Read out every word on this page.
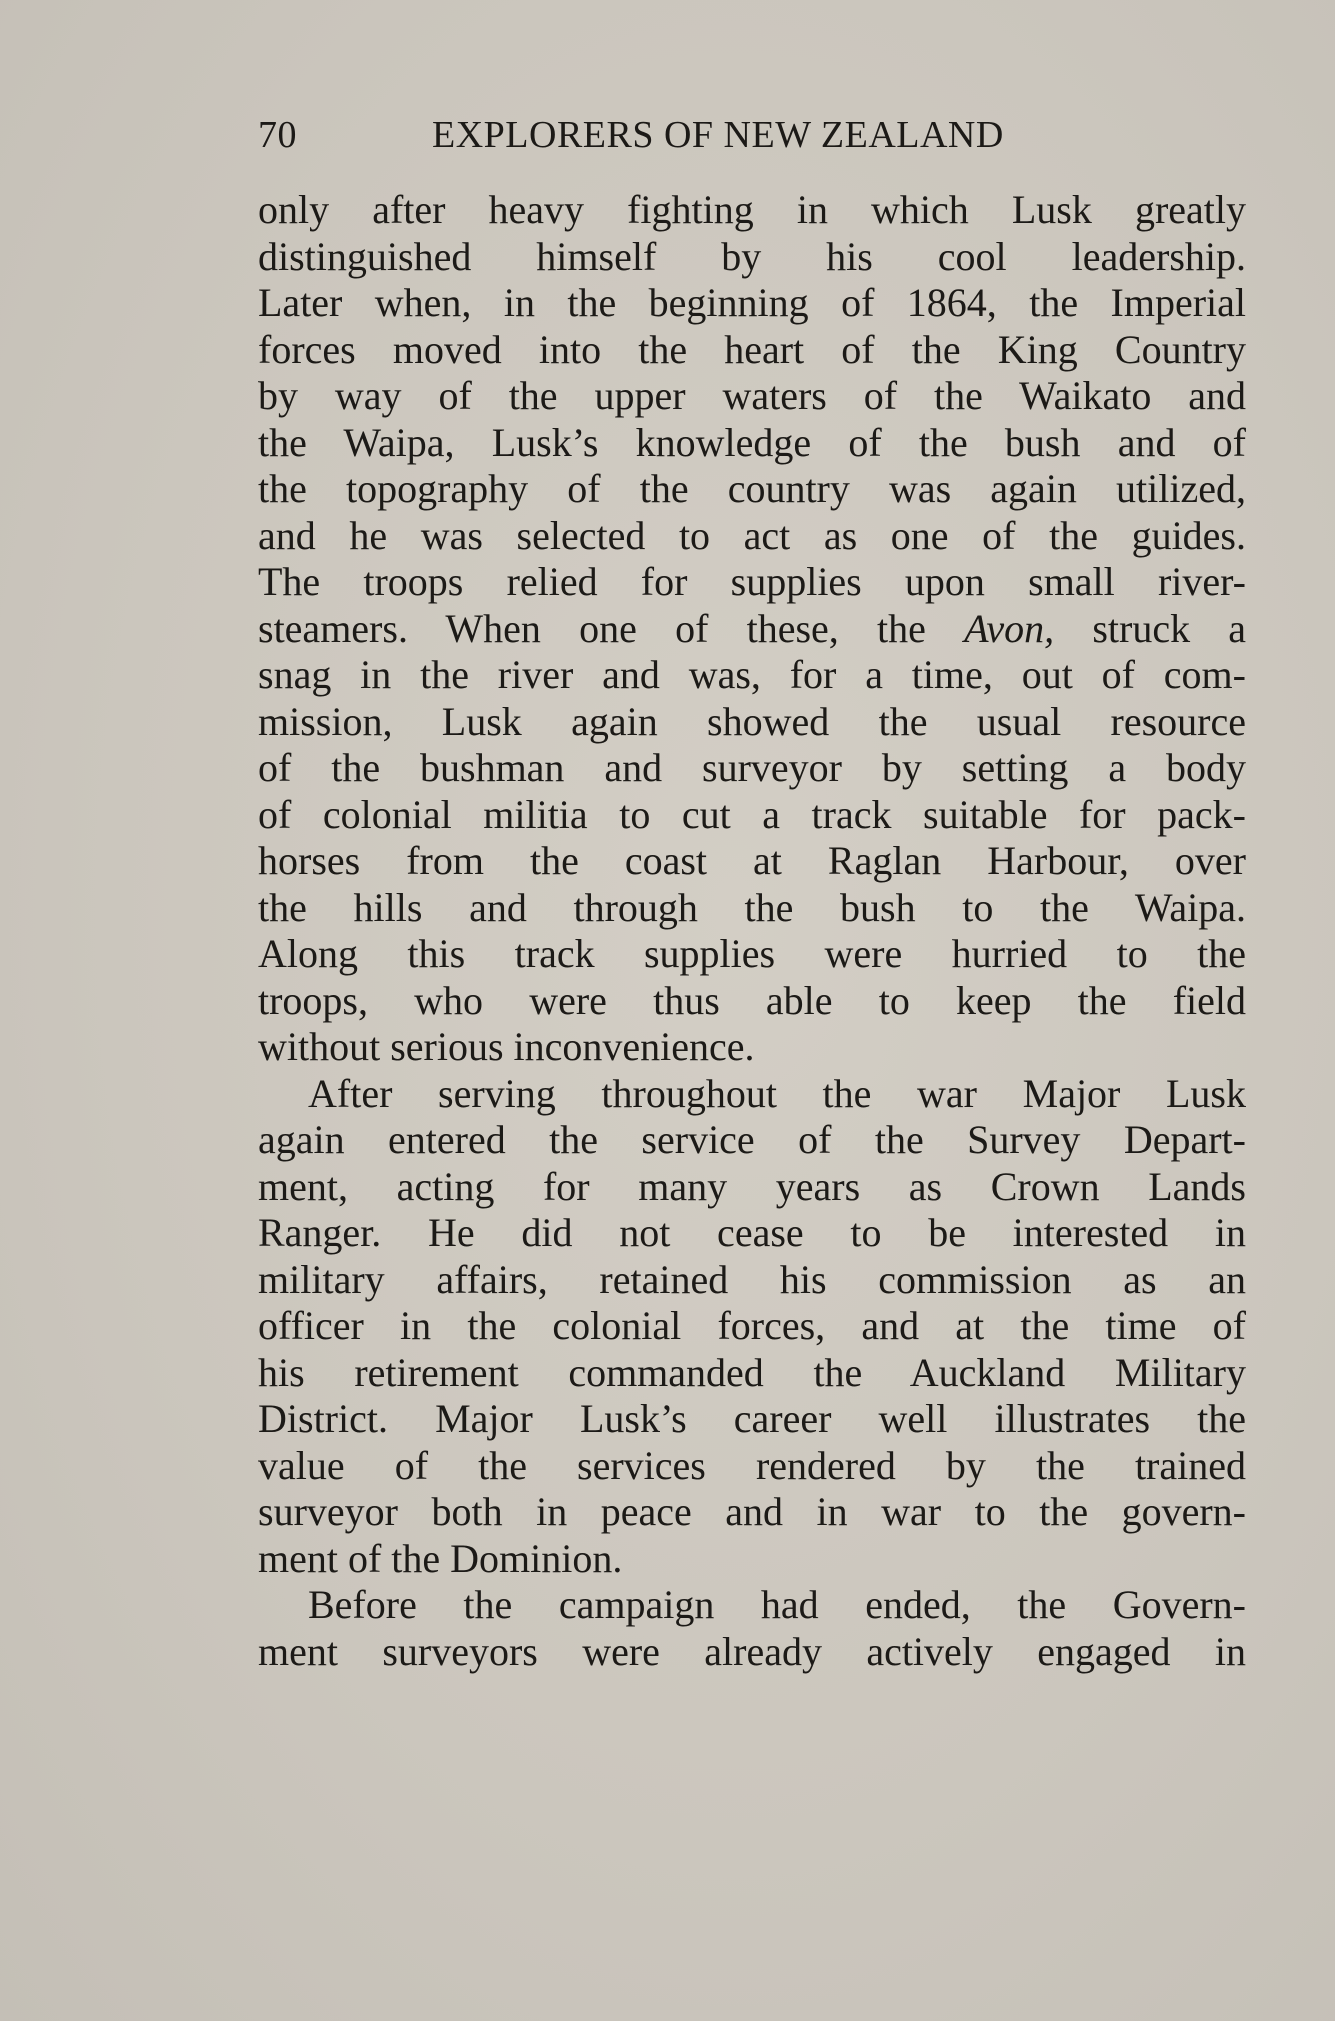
70	EXPLORERS OF NEW ZEALAND
only after heavy fighting in which Lusk greatly
distinguished himself by his cool leadership.
Later when, in the beginning of 1864, the Imperial
forces moved into the heart of the King Country
by way of the upper waters of the Waikato and
the Waipa, Lusk’s knowledge of the bush and of
the topography of the country was again utilized,
and he was selected to act as one of the guides.
The troops relied for supplies upon small river-
steamers. When one of these, the Avon, struck a
snag in the river and was, for a time, out of com-
mission, Lusk again showed the usual resource
of the bushman and surveyor by setting a body
of colonial militia to cut a track suitable for pack-
horses from the coast at Raglan Harbour, over
the hills and through the bush to the Waipa.
Along this track supplies were hurried to the
troops, who were thus able to keep the field
without serious inconvenience.
After serving throughout the war Major Lusk
again entered the service of the Survey Depart-
ment, acting for many years as Crown Lands
Ranger. He did not cease to be interested in
military affairs, retained his commission as an
officer in the colonial forces, and at the time of
his retirement commanded the Auckland Military
District. Major Lusk’s career well illustrates the
value of the services rendered by the trained
surveyor both in peace and in war to the govern-
ment of the Dominion.
Before the campaign had ended, the Govern-
ment surveyors were already actively engaged in
